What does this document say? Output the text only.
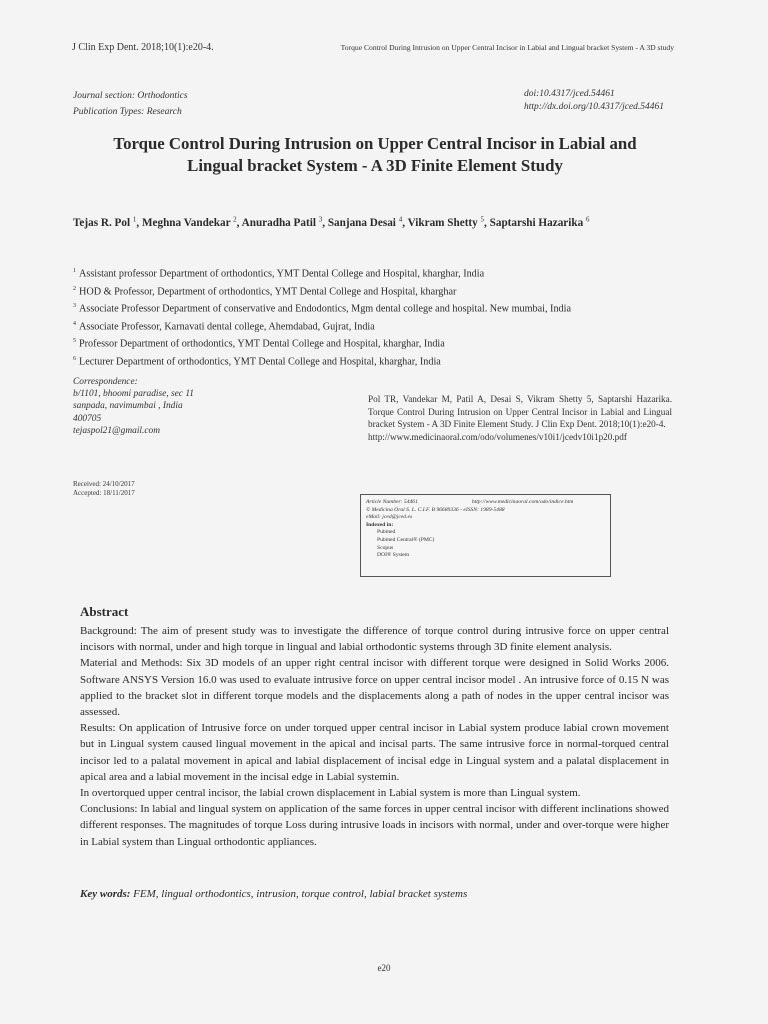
J Clin Exp Dent. 2018;10(1):e20-4.	Torque Control During Intrusion on Upper Central Incisor in Labial and Lingual bracket System - A 3D study
Journal section: Orthodontics
Publication Types: Research
doi:10.4317/jced.54461
http://dx.doi.org/10.4317/jced.54461
Torque Control During Intrusion on Upper Central Incisor in Labial and
Lingual bracket System - A 3D Finite Element Study
Tejas R. Pol $^1$, Meghna Vandekar $^2$, Anuradha Patil $^3$, Sanjana Desai $^4$, Vikram Shetty $^5$, Saptarshi Hazarika $^6$
$^1$ Assistant professor Department of orthodontics, YMT Dental College and Hospital, kharghar, India
$^2$ HOD & Professor, Department of orthodontics, YMT Dental College and Hospital, kharghar
$^3$ Associate Professor Department of conservative and Endodontics, Mgm dental college and hospital. New mumbai, India
$^4$ Associate Professor, Karnavati dental college, Ahemdabad, Gujrat, India
$^5$ Professor Department of orthodontics, YMT Dental College and Hospital, kharghar, India
$^6$ Lecturer Department of orthodontics, YMT Dental College and Hospital, kharghar, India
Correspondence:
b/1101, bhoomi paradise, sec 11
sanpada, navimumbai , India
400705
tejaspol21@gmail.com
Received: 24/10/2017
Accepted: 18/11/2017
Pol TR, Vandekar M, Patil A, Desai S, Vikram Shetty 5, Saptarshi Hazarika. Torque Control During Intrusion on Upper Central Incisor in Labial and Lingual bracket System - A 3D Finite Element Study. J Clin Exp Dent. 2018;10(1):e20-4.
http://www.medicinaoral.com/odo/volumenes/v10i1/jcedv10i1p20.pdf
Article Number: 54461	http://www.medicinaoral.com/odo/indice.htm
© Medicina Oral S. L. C.I.F. B 96689336 - eISSN: 1989-5488
eMail: jced@jced.es
Indexed in:
Pubmed
Pubmed Central® (PMC)
Scopus
DOI® System
Abstract

Background: The aim of present study was to investigate the difference of torque control during intrusive force on upper central incisors with normal, under and high torque in lingual and labial orthodontic systems through 3D finite element analysis.

Material and Methods: Six 3D models of an upper right central incisor with different torque were designed in Solid Works 2006. Software ANSYS Version 16.0 was used to evaluate intrusive force on upper central incisor model . An intrusive force of 0.15 N was applied to the bracket slot in different torque models and the displacements along a path of nodes in the upper central incisor was assessed.

Results: On application of Intrusive force on under torqued upper central incisor in Labial system produce labial crown movement but in Lingual system caused lingual movement in the apical and incisal parts. The same intrusive force in normal-torqued central incisor led to a palatal movement in apical and labial displacement of incisal edge in Lingual system and a palatal displacement in apical area and a labial movement in the incisal edge in Labial systemin.

In overtorqued upper central incisor, the labial crown displacement in Labial system is more than Lingual system.

Conclusions: In labial and lingual system on application of the same forces in upper central incisor with different inclinations showed different responses. The magnitudes of torque Loss during intrusive loads in incisors with normal, under and over-torque were higher in Labial system than Lingual orthodontic appliances.

Key words: FEM, lingual orthodontics, intrusion, torque control, labial bracket systems
e20
